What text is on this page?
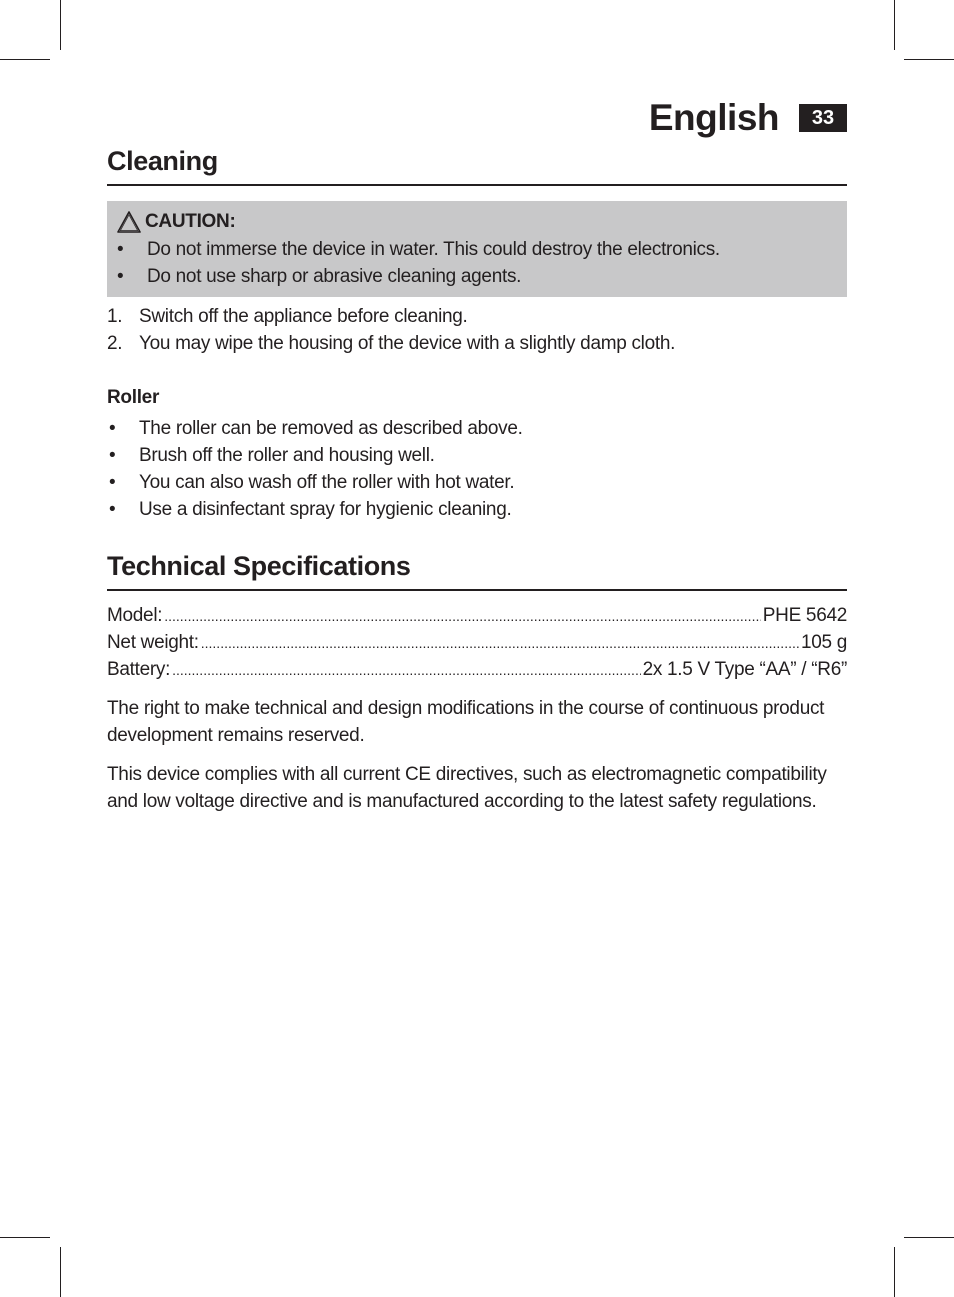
English	33
Cleaning
CAUTION:
• Do not immerse the device in water. This could destroy the electronics.
• Do not use sharp or abrasive cleaning agents.
1. Switch off the appliance before cleaning.
2. You may wipe the housing of the device with a slightly damp cloth.
Roller
• The roller can be removed as described above.
• Brush off the roller and housing well.
• You can also wash off the roller with hot water.
• Use a disinfectant spray for hygienic cleaning.
Technical Specifications
Model: .....	PHE 5642
Net weight: .....	105 g
Battery: .....	2x 1.5 V Type “AA” / “R6”

The right to make technical and design modifications in the course of continuous product development remains reserved.

This device complies with all current CE directives, such as electromagnetic compatibility and low voltage directive and is manufactured according to the latest safety regulations.
